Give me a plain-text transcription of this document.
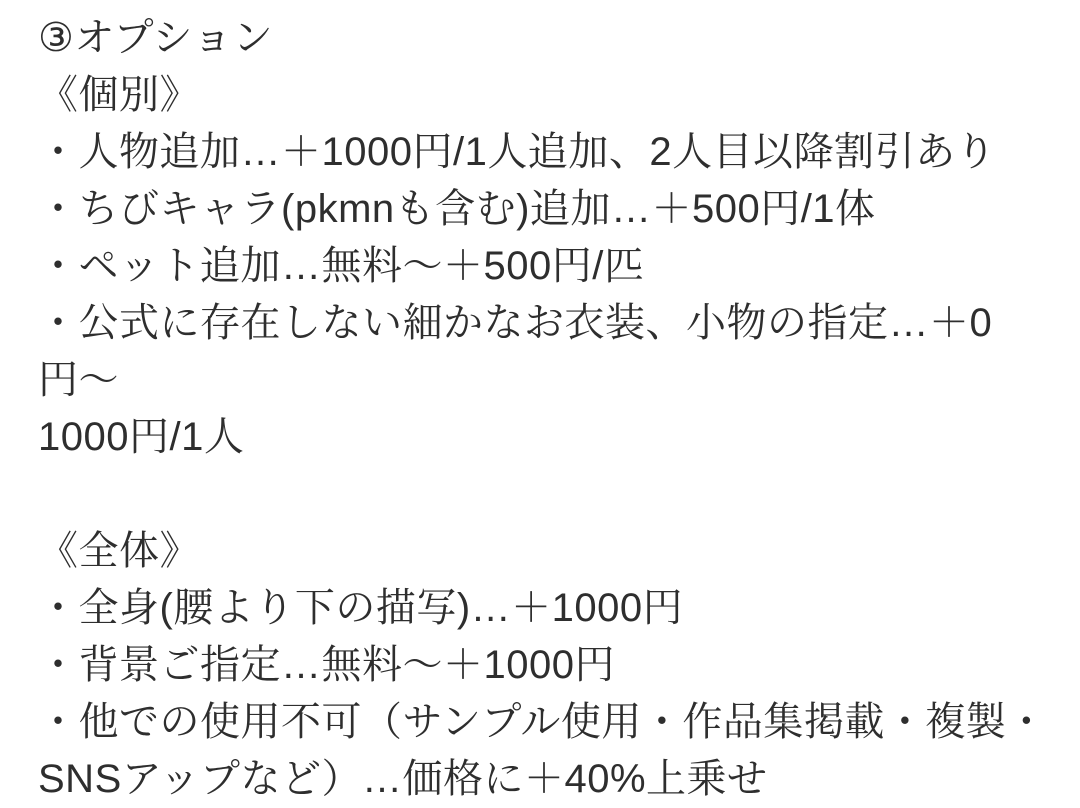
③オプション
《個別》
・人物追加…＋1000円/1人追加、2人目以降割引あり
・ちびキャラ(pkmnも含む)追加…＋500円/1体
・ペット追加…無料〜＋500円/匹
・公式に存在しない細かなお衣装、小物の指定…＋0円〜
1000円/1人
《全体》
・全身(腰より下の描写)…＋1000円
・背景ご指定…無料〜＋1000円
・他での使用不可（サンプル使用・作品集掲載・複製・
SNSアップなど）…価格に＋40%上乗せ
